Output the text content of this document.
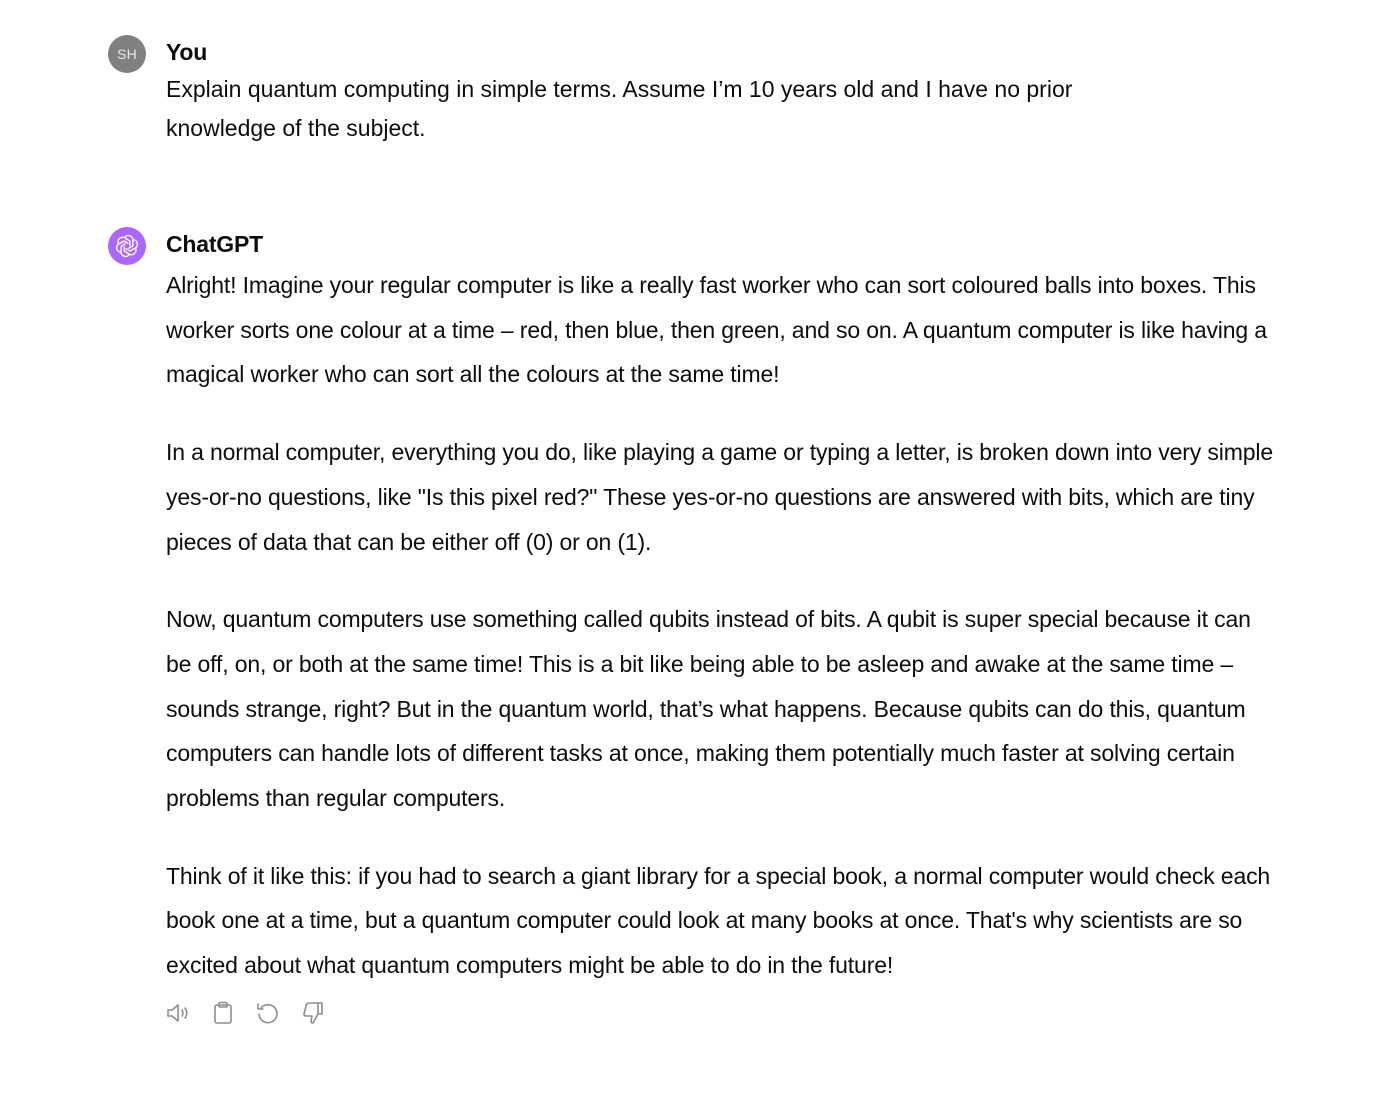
SH You

Explain quantum computing in simple terms. Assume I’m 10 years old and I have no prior knowledge of the subject.

ChatGPT

Alright! Imagine your regular computer is like a really fast worker who can sort coloured balls into boxes. This worker sorts one colour at a time – red, then blue, then green, and so on. A quantum computer is like having a magical worker who can sort all the colours at the same time!

In a normal computer, everything you do, like playing a game or typing a letter, is broken down into very simple yes-or-no questions, like "Is this pixel red?" These yes-or-no questions are answered with bits, which are tiny pieces of data that can be either off (0) or on (1).

Now, quantum computers use something called qubits instead of bits. A qubit is super special because it can be off, on, or both at the same time! This is a bit like being able to be asleep and awake at the same time – sounds strange, right? But in the quantum world, that’s what happens. Because qubits can do this, quantum computers can handle lots of different tasks at once, making them potentially much faster at solving certain problems than regular computers.

Think of it like this: if you had to search a giant library for a special book, a normal computer would check each book one at a time, but a quantum computer could look at many books at once. That's why scientists are so excited about what quantum computers might be able to do in the future!
